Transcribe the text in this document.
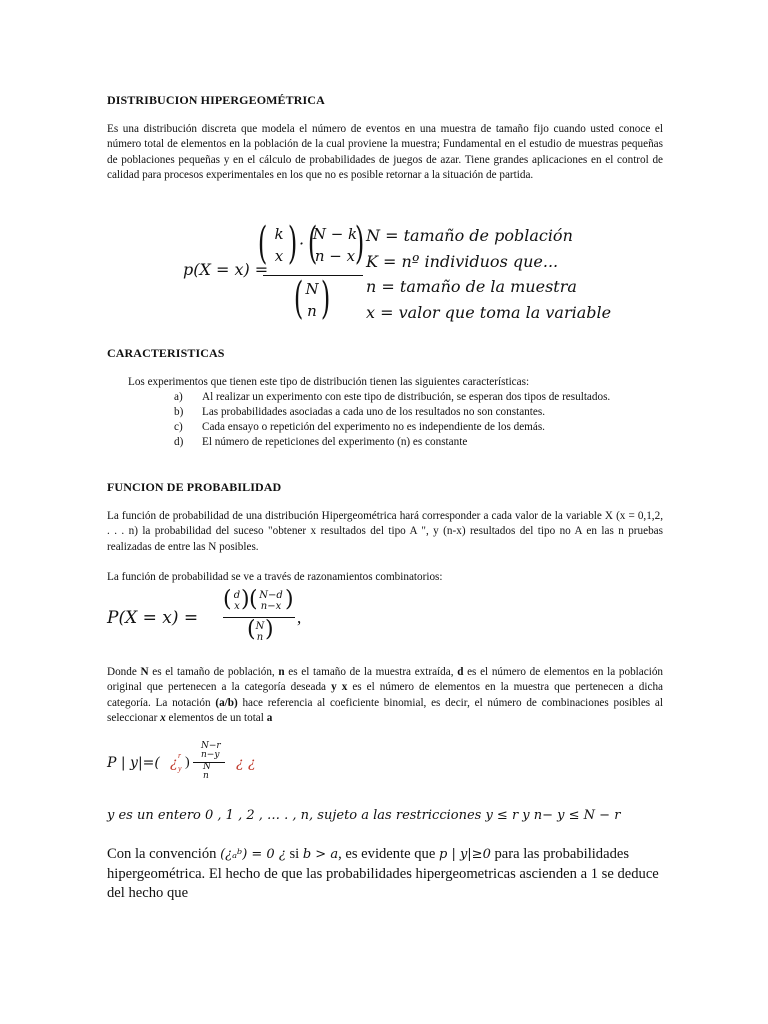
DISTRIBUCION HIPERGEOMÉTRICA
Es una distribución discreta que modela el número de eventos en una muestra de tamaño fijo cuando usted conoce el número total de elementos en la población de la cual proviene la muestra; Fundamental en el estudio de muestras pequeñas de poblaciones pequeñas y en el cálculo de probabilidades de juegos de azar. Tiene grandes aplicaciones en el control de calidad para procesos experimentales en los que no es posible retornar a la situación de partida.
p(X = x) =
( k
x ) · (
N − k
n − x )
( N
n )
N = tamaño de población
K = nº individuos que...
n = tamaño de la muestra
x = valor que toma la variable
CARACTERISTICAS
Los experimentos que tienen este tipo de distribución tienen las siguientes características:
a)	Al realizar un experimento con este tipo de distribución, se esperan dos tipos de resultados.
b)	Las probabilidades asociadas a cada uno de los resultados no son constantes.
c)	Cada ensayo o repetición del experimento no es independiente de los demás.
d)	El número de repeticiones del experimento (n) es constante
FUNCION DE PROBABILIDAD
La función de probabilidad de una distribución Hipergeométrica hará corresponder a cada valor de la variable X (x = 0,1,2, . . . n) la probabilidad del suceso "obtener x resultados del tipo A ", y (n-x) resultados del tipo no A en las n pruebas realizadas de entre las N posibles.
La función de probabilidad se ve a través de razonamientos combinatorios:
P(X = x) =
( d
x ) ( N−d
n−x )
( N
n ) ,
Donde N es el tamaño de población, n es el tamaño de la muestra extraída, d es el número de elementos en la población original que pertenecen a la categoría deseada y x es el número de elementos en la muestra que pertenecen a dicha categoría. La notación (a/b) hace referencia al coeficiente binomial, es decir, el número de combinaciones posibles al seleccionar x elementos de un total a
P | y|=( ¿ r
y )
N−r
n−y
N
n
¿ ¿
y es un entero 0 , 1 , 2 , … . , n, sujeto a las restricciones y ≤ r y n− y ≤ N − r
Con la convención (¿ₐᵇ) = 0 ¿ si b > a, es evidente que p | y|≥0 para las probabilidades hipergeométrica. El hecho de que las probabilidades hipergeometricas ascienden a 1 se deduce del hecho que
